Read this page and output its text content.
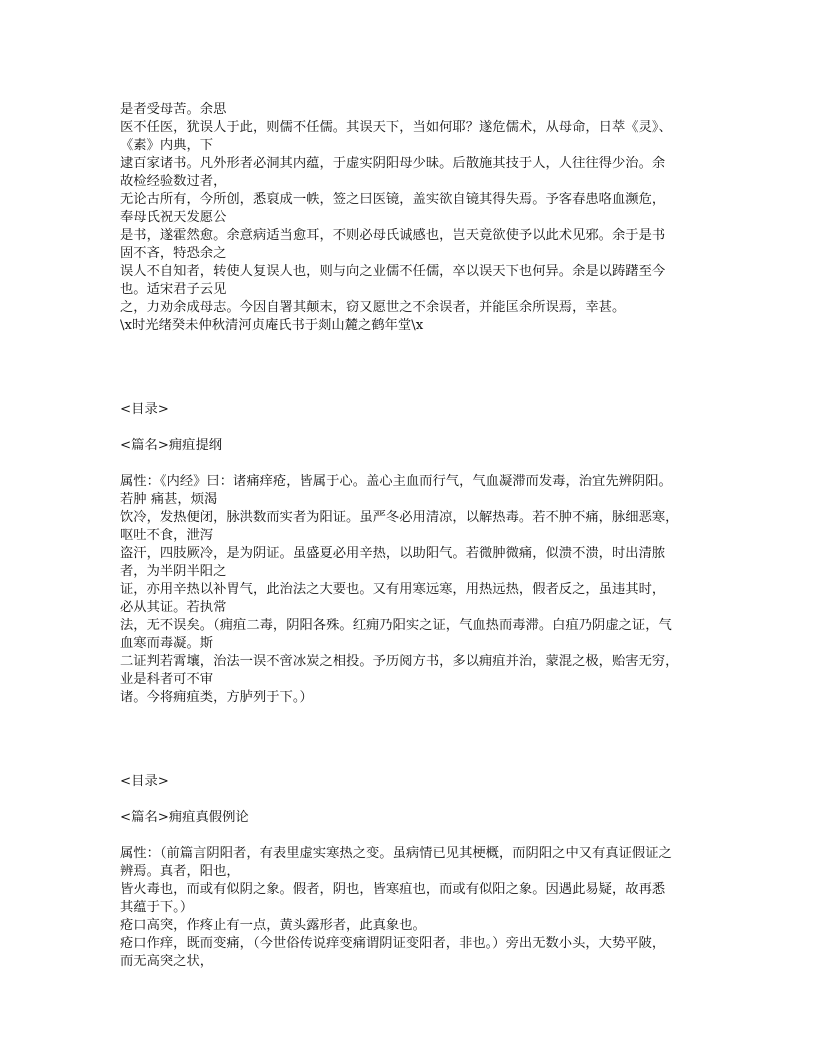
是者受母苦。余思
医不任医，犹误人于此，则儒不任儒。其误天下，当如何耶？遂危儒术，从母命，日萃《灵》、
《素》内典，下
逮百家诸书。凡外形者必洞其内蕴，于虚实阴阳母少昧。后散施其技于人，人往往得少治。余
故检经验数过者，
无论古所有，今所创，悉裒成一帙，签之曰医镜，盖实欲自镜其得失焉。予客春患咯血濒危，
奉母氏祝天发愿公
是书，遂霍然愈。余意病适当愈耳，不则必母氏诚感也，岂天竟欲使予以此术见邪。余于是书
固不吝，特恐余之
误人不自知者，转使人复误人也，则与向之业儒不任儒，卒以误天下也何异。余是以踌躇至今
也。适宋君子云见
之，力劝余成母志。今因自署其颠末，窃又愿世之不余误者，并能匡余所误焉，幸甚。
\x时光绪癸未仲秋清河贞庵氏书于剡山麓之鹤年堂\x
<目录>
<篇名>痈疽提纲
属性：《内经》曰：诸痛痒疮，皆属于心。盖心主血而行气，气血凝滞而发毒，治宜先辨阴阳。
若肿 痛甚，烦渴
饮冷，发热便闭，脉洪数而实者为阳证。虽严冬必用清凉，以解热毒。若不肿不痛，脉细恶寒，
呕吐不食，泄泻
盗汗，四肢厥冷，是为阴证。虽盛夏必用辛热，以助阳气。若微肿微痛，似溃不溃，时出清脓
者，为半阴半阳之
证，亦用辛热以补胃气，此治法之大要也。又有用寒远寒，用热远热，假者反之，虽违其时，
必从其证。若执常
法，无不误矣。（痈疽二毒，阴阳各殊。红痈乃阳实之证，气血热而毒滞。白疽乃阴虚之证，气
血寒而毒凝。斯
二证判若霄壤，治法一误不啻冰炭之相投。予历阅方书，多以痈疽并治，蒙混之极，贻害无穷，
业是科者可不审
诸。今将痈疽类，方胪列于下。）
<目录>
<篇名>痈疽真假例论
属性：（前篇言阴阳者，有表里虚实寒热之变。虽病情已见其梗概，而阴阳之中又有真证假证之
辨焉。真者，阳也，
皆火毒也，而或有似阴之象。假者，阴也，皆寒疽也，而或有似阳之象。因遇此易疑，故再悉
其蕴于下。）
疮口高突，作疼止有一点，黄头露形者，此真象也。
疮口作痒，既而变痛，（今世俗传说痒变痛谓阴证变阳者，非也。）旁出无数小头，大势平陂，
而无高突之状，
